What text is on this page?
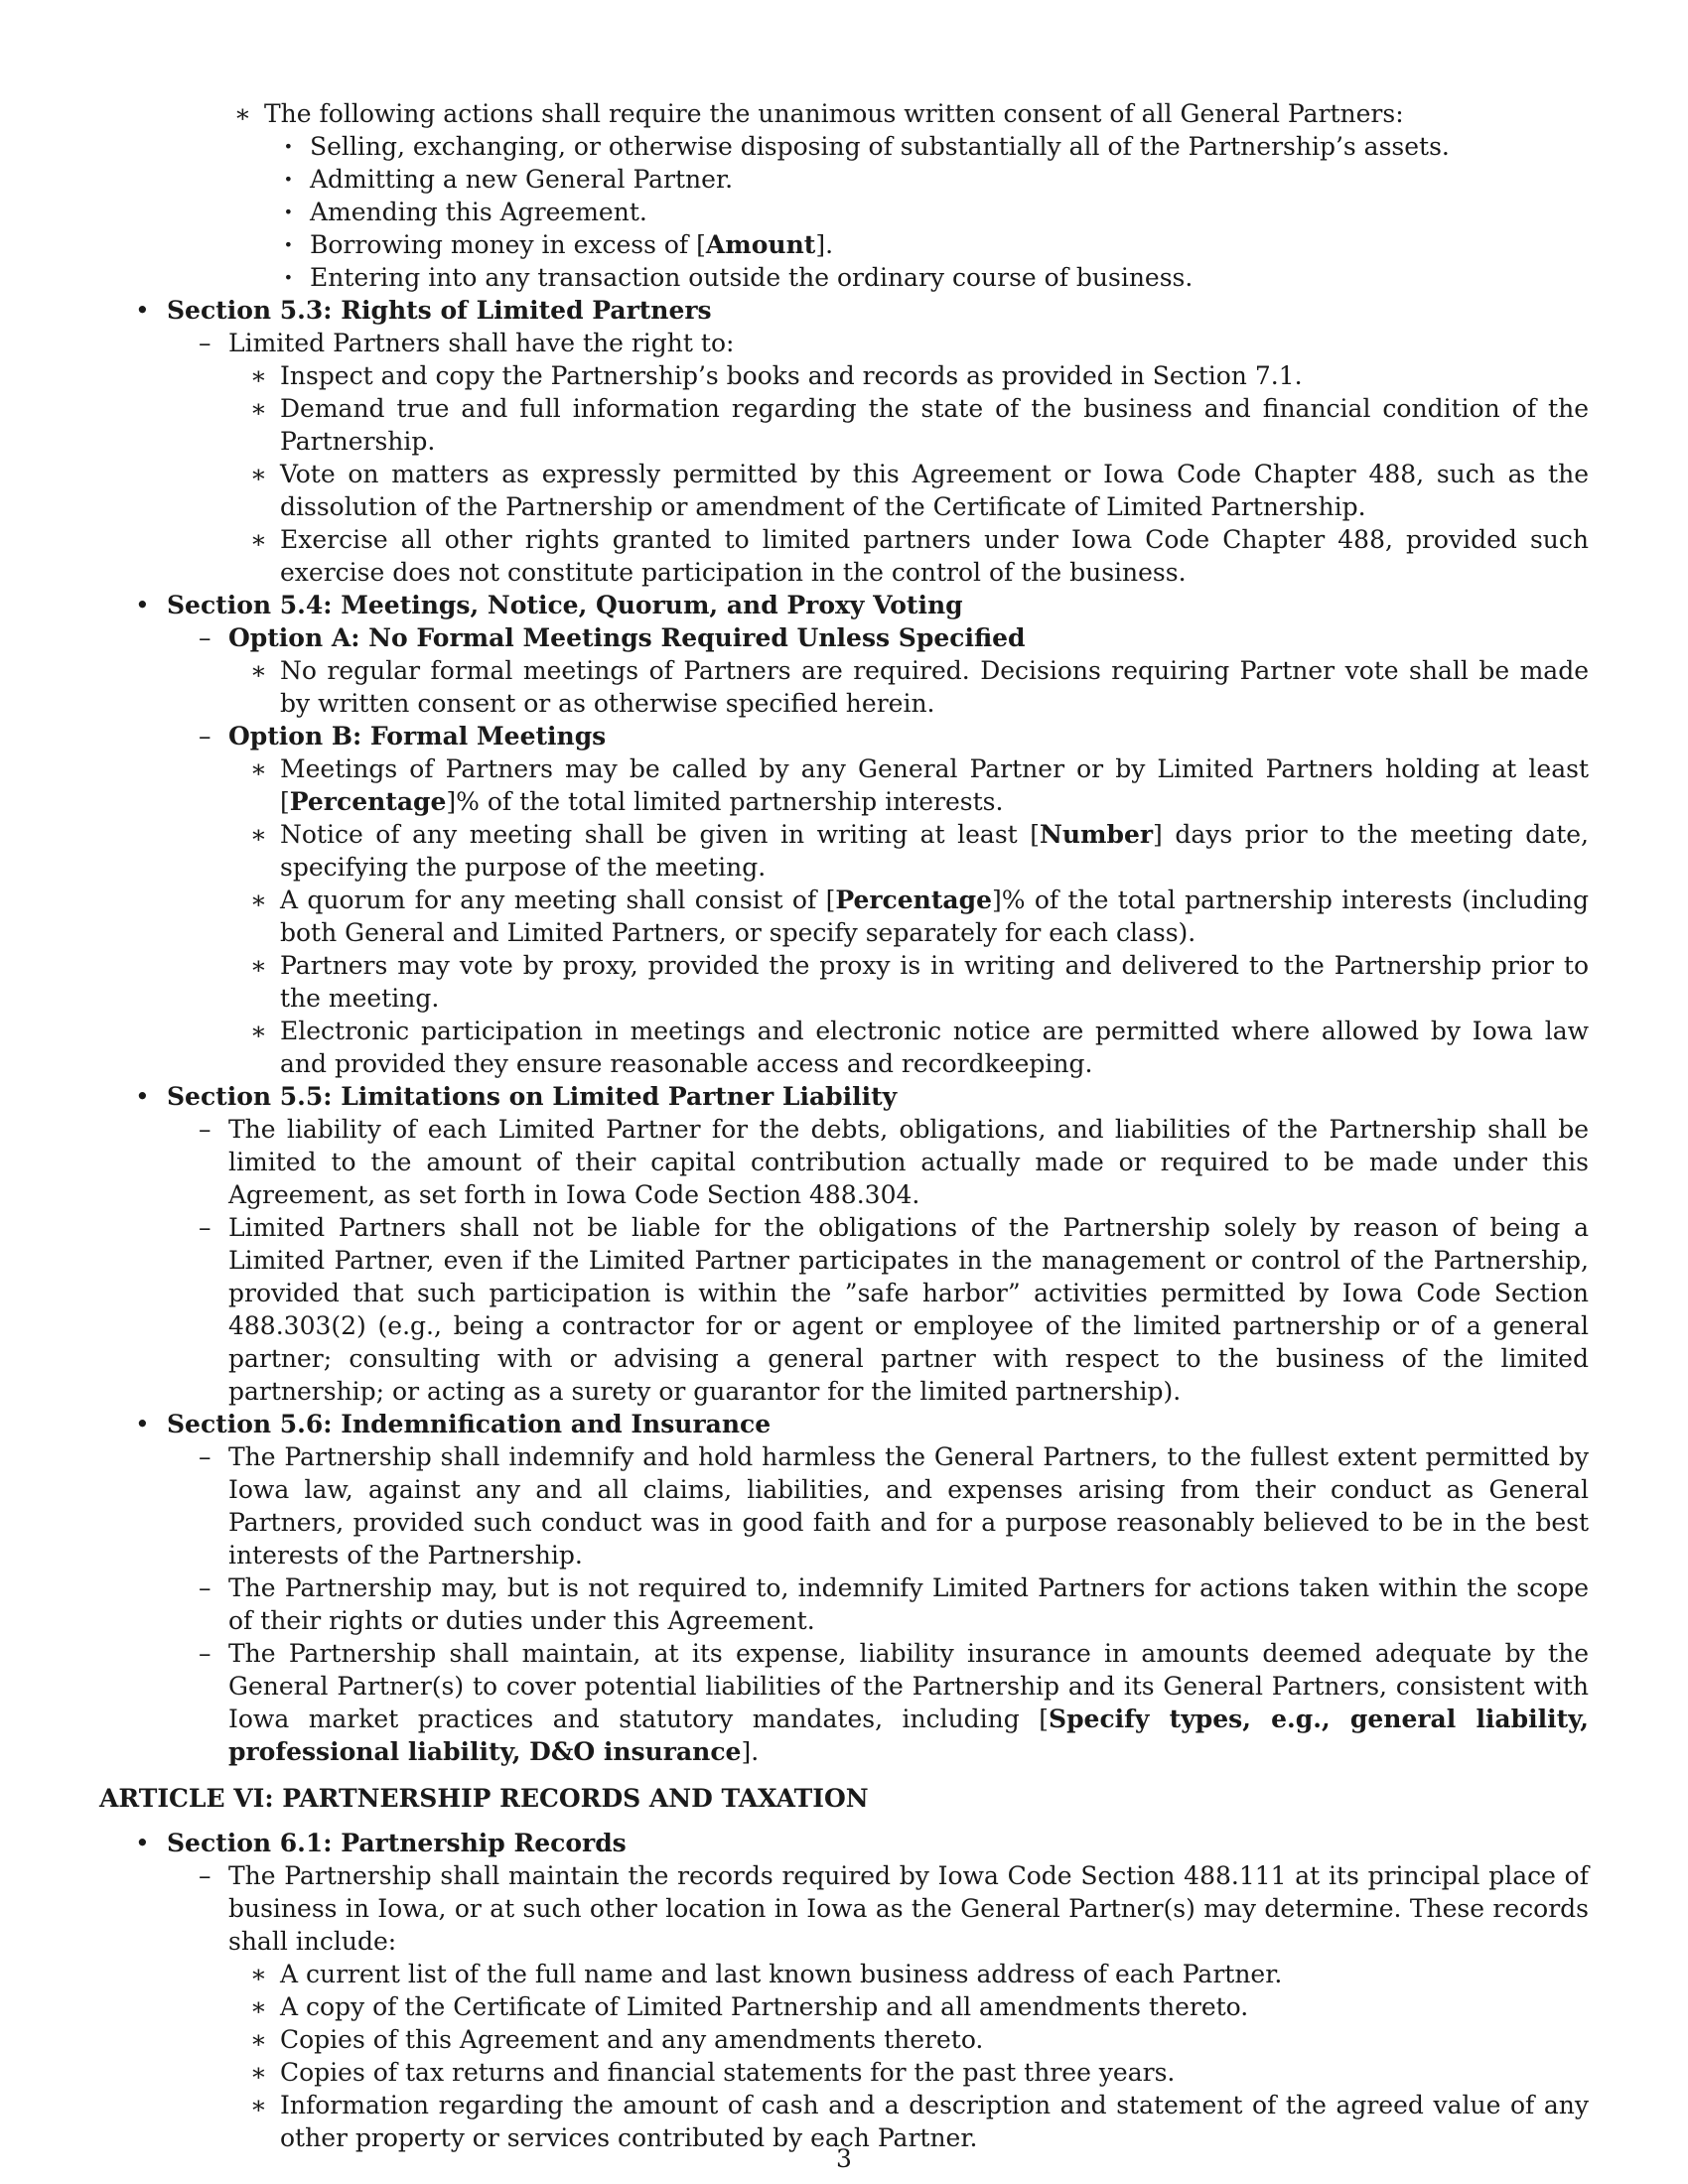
∗ The following actions shall require the unanimous written consent of all General Partners:
· Selling, exchanging, or otherwise disposing of substantially all of the Partnership’s assets.
· Admitting a new General Partner.
· Amending this Agreement.
· Borrowing money in excess of [Amount].
· Entering into any transaction outside the ordinary course of business.
• Section 5.3: Rights of Limited Partners
– Limited Partners shall have the right to:
∗ Inspect and copy the Partnership’s books and records as provided in Section 7.1.
∗ Demand true and full information regarding the state of the business and financial condition of the Partnership.
∗ Vote on matters as expressly permitted by this Agreement or Iowa Code Chapter 488, such as the dissolution of the Partnership or amendment of the Certificate of Limited Partnership.
∗ Exercise all other rights granted to limited partners under Iowa Code Chapter 488, provided such exercise does not constitute participation in the control of the business.
• Section 5.4: Meetings, Notice, Quorum, and Proxy Voting
– Option A: No Formal Meetings Required Unless Specified
∗ No regular formal meetings of Partners are required. Decisions requiring Partner vote shall be made by written consent or as otherwise specified herein.
– Option B: Formal Meetings
∗ Meetings of Partners may be called by any General Partner or by Limited Partners holding at least [Percentage]% of the total limited partnership interests.
∗ Notice of any meeting shall be given in writing at least [Number] days prior to the meeting date, specifying the purpose of the meeting.
∗ A quorum for any meeting shall consist of [Percentage]% of the total partnership interests (including both General and Limited Partners, or specify separately for each class).
∗ Partners may vote by proxy, provided the proxy is in writing and delivered to the Partnership prior to the meeting.
∗ Electronic participation in meetings and electronic notice are permitted where allowed by Iowa law and provided they ensure reasonable access and recordkeeping.
• Section 5.5: Limitations on Limited Partner Liability
– The liability of each Limited Partner for the debts, obligations, and liabilities of the Partnership shall be limited to the amount of their capital contribution actually made or required to be made under this Agreement, as set forth in Iowa Code Section 488.304.
– Limited Partners shall not be liable for the obligations of the Partnership solely by reason of being a Limited Partner, even if the Limited Partner participates in the management or control of the Partnership, provided that such participation is within the ”safe harbor” activities permitted by Iowa Code Section 488.303(2) (e.g., being a contractor for or agent or employee of the limited partnership or of a general partner; consulting with or advising a general partner with respect to the business of the limited partnership; or acting as a surety or guarantor for the limited partnership).
• Section 5.6: Indemnification and Insurance
– The Partnership shall indemnify and hold harmless the General Partners, to the fullest extent permitted by Iowa law, against any and all claims, liabilities, and expenses arising from their conduct as General Partners, provided such conduct was in good faith and for a purpose reasonably believed to be in the best interests of the Partnership.
– The Partnership may, but is not required to, indemnify Limited Partners for actions taken within the scope of their rights or duties under this Agreement.
– The Partnership shall maintain, at its expense, liability insurance in amounts deemed adequate by the General Partner(s) to cover potential liabilities of the Partnership and its General Partners, consistent with Iowa market practices and statutory mandates, including [Specify types, e.g., general liability, professional liability, D&O insurance].
ARTICLE VI: PARTNERSHIP RECORDS AND TAXATION
• Section 6.1: Partnership Records
– The Partnership shall maintain the records required by Iowa Code Section 488.111 at its principal place of business in Iowa, or at such other location in Iowa as the General Partner(s) may determine. These records shall include:
∗ A current list of the full name and last known business address of each Partner.
∗ A copy of the Certificate of Limited Partnership and all amendments thereto.
∗ Copies of this Agreement and any amendments thereto.
∗ Copies of tax returns and financial statements for the past three years.
∗ Information regarding the amount of cash and a description and statement of the agreed value of any other property or services contributed by each Partner.
3
